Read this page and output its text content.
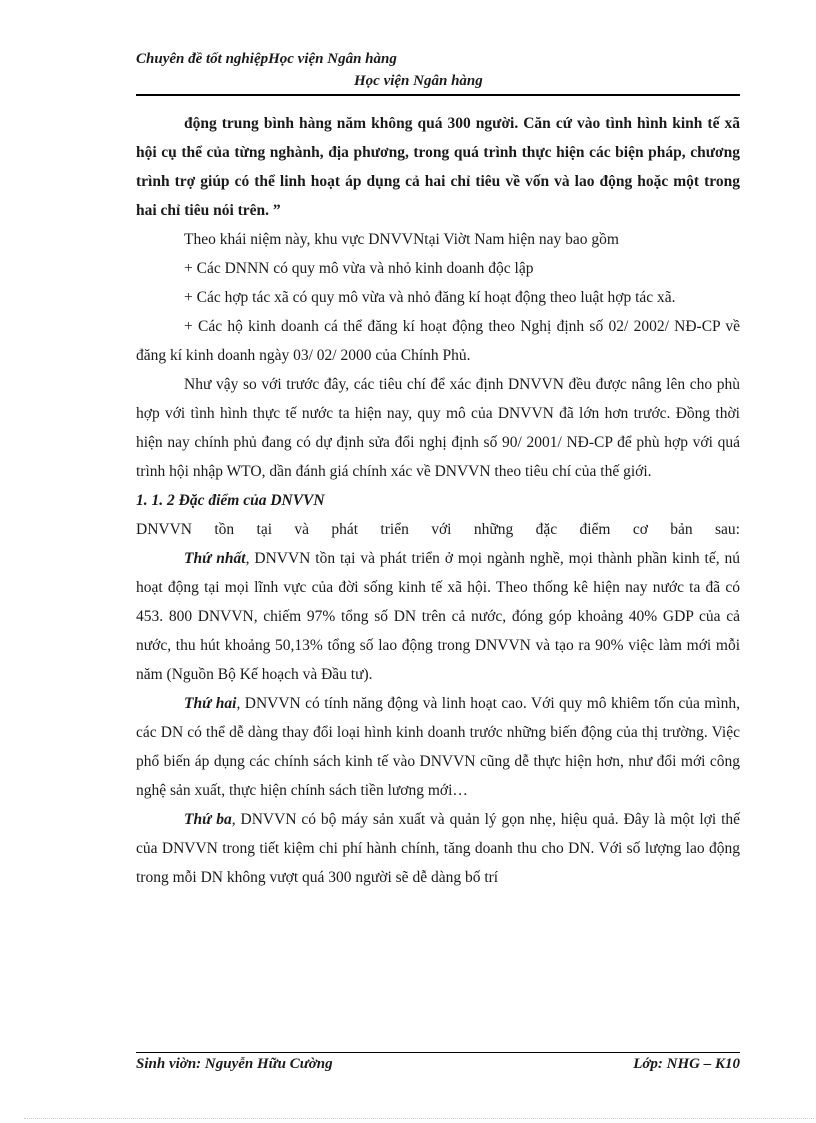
Chuyên đề tốt nghiệpHọc viện Ngân hàng
Học viện Ngân hàng

động trung bình hàng năm không quá 300 người. Căn cứ vào tình hình kinh tế xã hội cụ thể của từng nghành, địa phương, trong quá trình thực hiện các biện pháp, chương trình trợ giúp có thể linh hoạt áp dụng cả hai chỉ tiêu về vốn và lao động hoặc một trong hai chỉ tiêu nói trên. ”

Theo khái niệm này, khu vực DNVVNtại Viờt Nam hiện nay bao gồm

+ Các DNNN có quy mô vừa và nhỏ kinh doanh độc lập

+ Các hợp tác xã có quy mô vừa và nhỏ đăng kí hoạt động theo luật hợp tác xã.

+ Các hộ kinh doanh cá thể đăng kí hoạt động theo Nghị định số 02/ 2002/ NĐ-CP về đăng kí kinh doanh ngày 03/ 02/ 2000 của Chính Phủ.

Như vậy so với trước đây, các tiêu chí để xác định DNVVN đều được nâng lên cho phù hợp với tình hình thực tế nước ta hiện nay, quy mô của DNVVN đã lớn hơn trước. Đồng thời hiện nay chính phủ đang có dự định sửa đổi nghị định số 90/ 2001/ NĐ-CP để phù hợp với quá trình hội nhập WTO, dần đánh giá chính xác về DNVVN theo tiêu chí của thế giới.

1. 1. 2 Đặc điểm của DNVVN

DNVVN tồn tại và phát triển với những đặc điểm cơ bản sau:

Thứ nhất, DNVVN tồn tại và phát triển ở mọi ngành nghề, mọi thành phần kinh tế, nú hoạt động tại mọi lĩnh vực của đời sống kinh tế xã hội. Theo thống kê hiện nay nước ta đã có 453. 800 DNVVN, chiếm 97% tổng số DN trên cả nước, đóng góp khoảng 40% GDP của cả nước, thu hút khoảng 50,13% tổng số lao động trong DNVVN và tạo ra 90% việc làm mới mỗi năm (Nguồn Bộ Kế hoạch và Đầu tư).

Thứ hai, DNVVN có tính năng động và linh hoạt cao. Với quy mô khiêm tốn của mình, các DN có thể dễ dàng thay đổi loại hình kinh doanh trước những biến động của thị trường. Việc phổ biến áp dụng các chính sách kinh tế vào DNVVN cũng dễ thực hiện hơn, như đổi mới công nghệ sản xuất, thực hiện chính sách tiền lương mới…

Thứ ba, DNVVN có bộ máy sản xuất và quản lý gọn nhẹ, hiệu quả. Đây là một lợi thế của DNVVN trong tiết kiệm chi phí hành chính, tăng doanh thu cho DN. Với số lượng lao động trong mỗi DN không vượt quá 300 người sẽ dễ dàng bố trí

Sinh viờn: Nguyễn Hữu Cường	Lớp: NHG – K10
